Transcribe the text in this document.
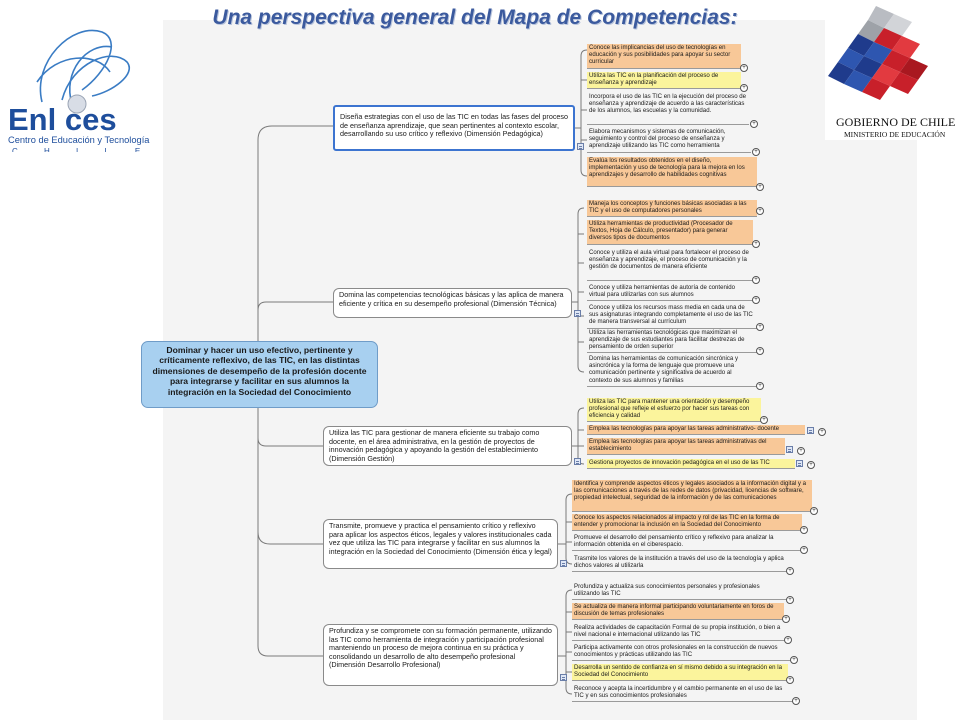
Una perspectiva general del Mapa de Competencias:
Enl ces
Centro de Educación y Tecnología
C H I L E
GOBIERNO DE CHILE
MINISTERIO DE EDUCACIÓN
Dominar y hacer un uso efectivo, pertinente y críticamente reflexivo, de las TIC, en las distintas dimensiones de desempeño de la profesión docente para integrarse y facilitar en sus alumnos la integración en la Sociedad del Conocimiento
Diseña estrategias con el uso de las TIC en todas las fases del proceso de enseñanza aprendizaje, que sean pertinentes al contexto escolar, desarrollando su uso crítico y reflexivo (Dimensión Pedagógica)
Domina las competencias tecnológicas básicas y las aplica de manera eficiente y crítica en su desempeño profesional (Dimensión Técnica)
Utiliza las TIC para gestionar de manera eficiente su trabajo como docente, en el área administrativa, en la gestión de proyectos de innovación pedagógica y apoyando la gestión del establecimiento (Dimensión Gestión)
Transmite, promueve y practica el pensamiento crítico y reflexivo para aplicar los aspectos éticos, legales y valores institucionales cada vez que utiliza las TIC para integrarse y facilitar en sus alumnos la integración en la Sociedad del Conocimiento (Dimensión ética y legal)
Profundiza y se compromete con su formación permanente, utilizando las TIC como herramienta de integración y participación profesional manteniendo un proceso de mejora continua en su práctica y consolidando un desarrollo de alto desempeño profesional (Dimensión Desarrollo Profesional)
Conoce las implicancias del uso de tecnologías en educación y sus posibilidades para apoyar su sector curricular
+
Utiliza las TIC en la planificación del proceso de enseñanza y aprendizaje
+
Incorpora el uso de las TIC en la ejecución del proceso de enseñanza y aprendizaje de acuerdo a las características de los alumnos, las escuelas y la comunidad.
+
Elabora mecanismos y sistemas de comunicación, seguimiento y control del proceso de enseñanza y aprendizaje utilizando las TIC como herramienta
+
Evalúa los resultados obtenidos en el diseño, implementación y uso de tecnología para la mejora en los aprendizajes y desarrollo de habilidades cognitivas
+
Maneja los conceptos y funciones básicas asociadas a las TIC y el uso de computadores personales	+
Utiliza herramientas de productividad (Procesador de Textos, Hoja de Cálculo, presentador) para generar diversos tipos de documentos
+
Conoce y utiliza el aula virtual para fortalecer el proceso de enseñanza y aprendizaje, el proceso de comunicación y la gestión de documentos de manera eficiente
+
Conoce y utiliza herramientas de autoría de contenido virtual para utilizarlas con sus alumnos
+
Conoce y utiliza los recursos mass media en cada una de sus asignaturas integrando completamente el uso de las TIC de manera transversal al currículum
+
Utiliza las herramientas tecnológicas que maximizan el aprendizaje de sus estudiantes para facilitar destrezas de pensamiento de orden superior
+
Domina las herramientas de comunicación sincrónica y asincrónica y la forma de lenguaje que promueve una comunicación pertinente y significativa de acuerdo al contexto de sus alumnos y familias
+
Utiliza las TIC para mantener una orientación y desempeño profesional que refleje el esfuerzo por hacer sus tareas con eficiencia y calidad
+
Emplea las tecnologías para apoyar las tareas administrativo- docente	+
Emplea las tecnologías para apoyar las tareas administrativas del establecimiento	+
Gestiona proyectos de innovación pedagógica en el uso de las TIC	+
Identifica y comprende aspectos éticos y legales asociados a la información digital y a las comunicaciones a través de las redes de datos (privacidad, licencias de software, propiedad intelectual, seguridad de la información y de las comunicaciones
+
Conoce los aspectos relacionados al impacto y rol de las TIC en la forma de entender y promocionar la inclusión en la Sociedad del Conocimiento
+
Promueve el desarrollo del pensamiento crítico y reflexivo para analizar la información obtenida en el ciberespacio.
+
Trasmite los valores de la institución a través del uso de la tecnología y aplica dichos valores al utilizarla
+
Profundiza y actualiza sus conocimientos personales y profesionales utilizando las TIC
+
Se actualiza de manera informal participando voluntariamente en foros de discusión de temas profesionales
+
Realiza actividades de capacitación Formal de su propia institución, o bien a nivel nacional e internacional utilizando las TIC
+
Participa activamente con otros profesionales en la construcción de nuevos conocimientos y prácticas utilizando las TIC
+
Desarrolla un sentido de confianza en sí mismo debido a su integración en la Sociedad del Conocimiento
+
Reconoce y acepta la incertidumbre y el cambio permanente en el uso de las TIC y en sus conocimientos profesionales
+
